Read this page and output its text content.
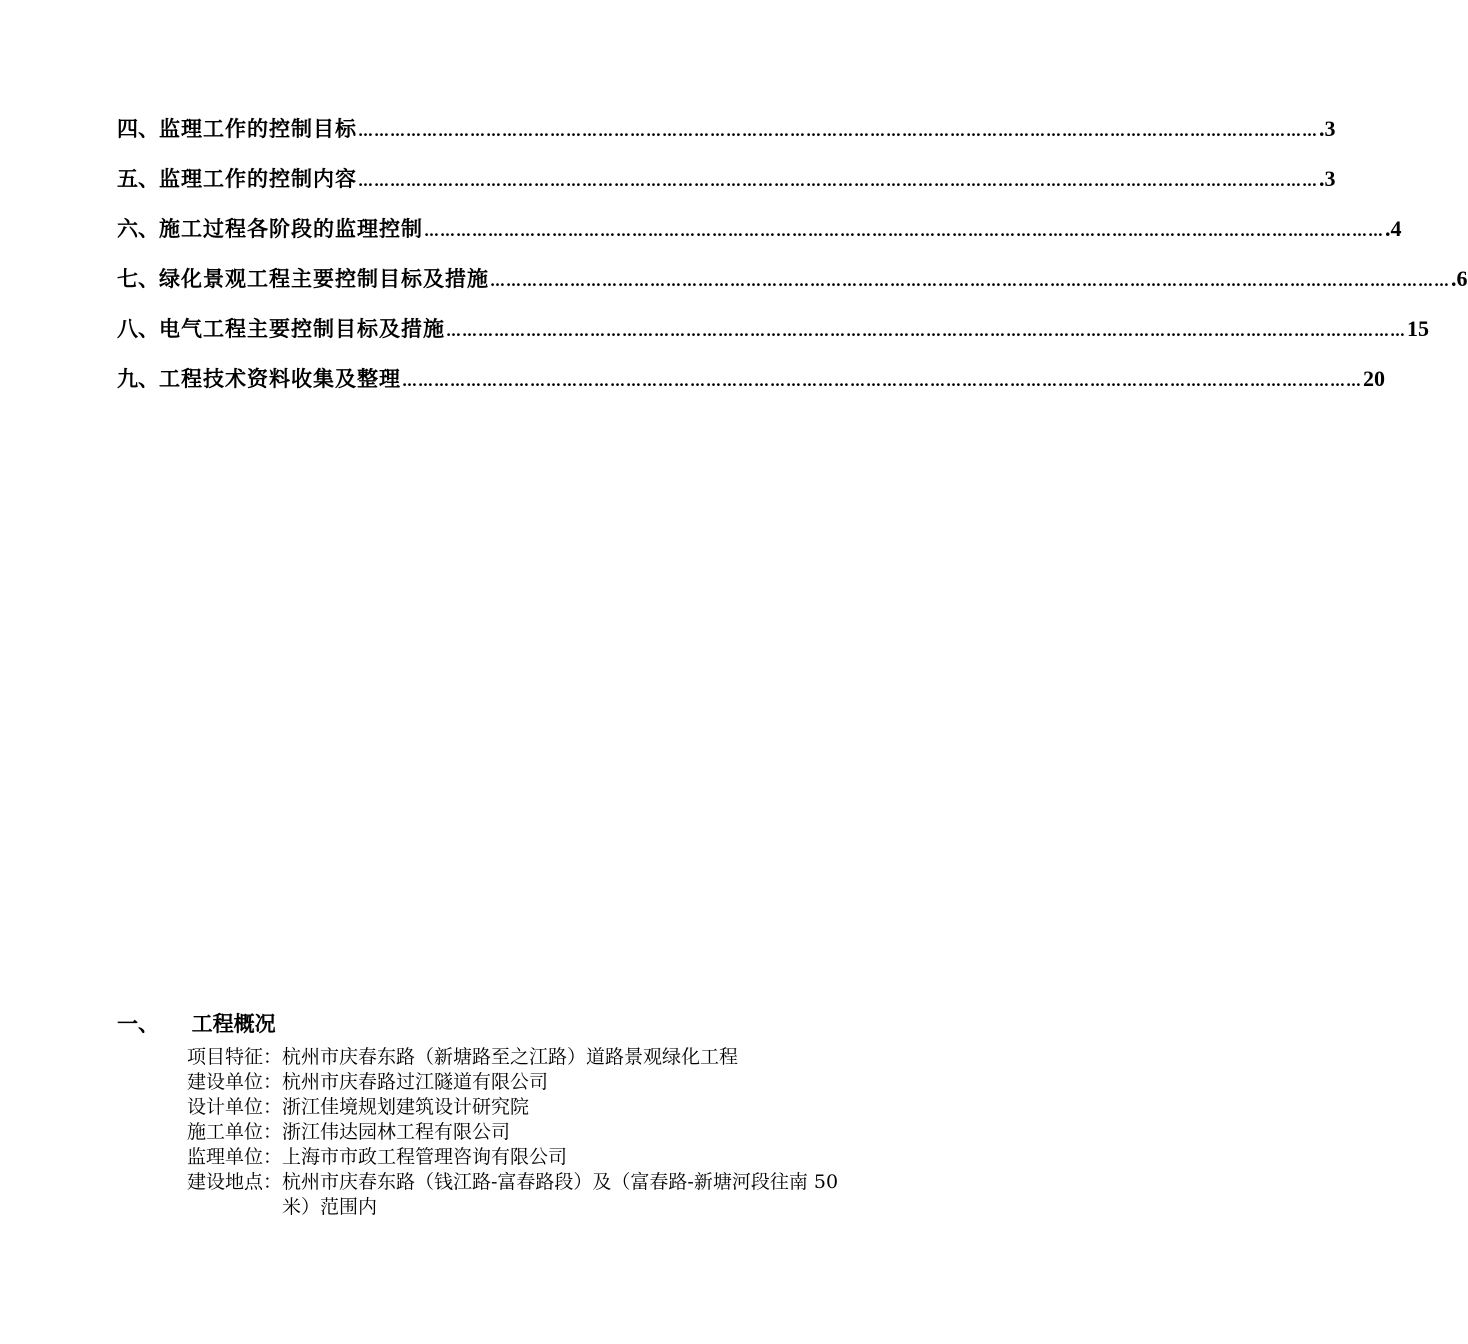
四、 监理工作的控制目标 ……………………………………………………………………………………………………………………………………………………………… .3
五、 监理工作的控制内容 ……………………………………………………………………………………………………………………………………………………………… .3
六、 施工过程各阶段的监理控制 ……………………………………………………………………………………………………………………………………………………………… .4
七、 绿化景观工程主要控制目标及措施 ……………………………………………………………………………………………………………………………………………………………… .6
八、 电气工程主要控制目标及措施 ……………………………………………………………………………………………………………………………………………………………… 15
九、 工程技术资料收集及整理 ……………………………………………………………………………………………………………………………………………………………… 20
一、 工程概况
项目特征： 杭州市庆春东路（新塘路至之江路）道路景观绿化工程
建设单位： 杭州市庆春路过江隧道有限公司
设计单位： 浙江佳境规划建筑设计研究院
施工单位： 浙江伟达园林工程有限公司
监理单位： 上海市市政工程管理咨询有限公司
建设地点： 杭州市庆春东路（钱江路-富春路段）及（富春路-新塘河段往南 50 米）范围内
